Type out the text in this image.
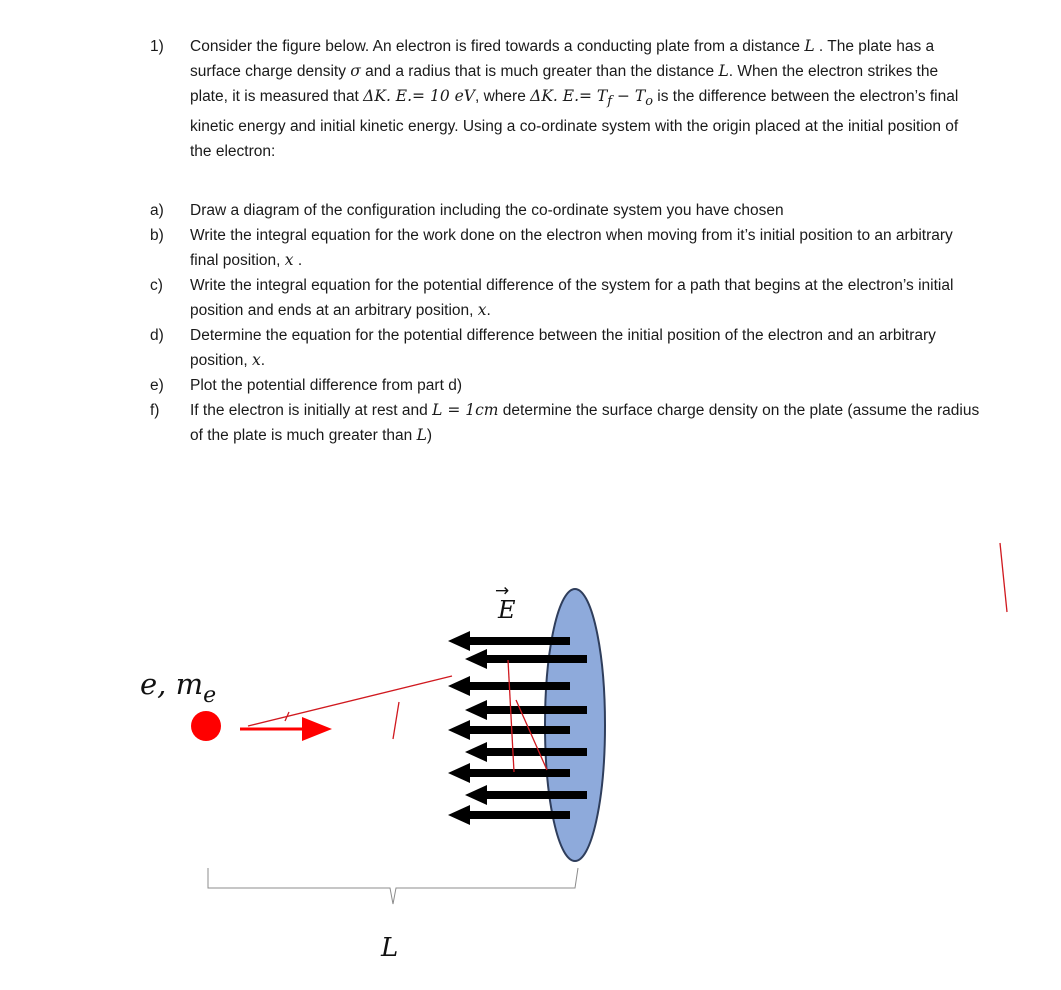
1)	Consider the figure below. An electron is fired towards a conducting plate from a distance L . The plate has a surface charge density σ and a radius that is much greater than the distance L. When the electron strikes the plate, it is measured that ΔK. E.= 10 eV, where ΔK. $E.= T_f - T_o$ is the difference between the electron’s final kinetic energy and initial kinetic energy. Using a co-ordinate system with the origin placed at the initial position of the electron:
a)	Draw a diagram of the configuration including the co-ordinate system you have chosen
b)	Write the integral equation for the work done on the electron when moving from it’s initial position to an arbitrary final position, x .
c)	Write the integral equation for the potential difference of the system for a path that begins at the electron’s initial position and ends at an arbitrary position, x.
d)	Determine the equation for the potential difference between the initial position of the electron and an arbitrary position, x.
e)	Plot the potential difference from part d)
f)	If the electron is initially at rest and L = 1cm determine the surface charge density on the plate (assume the radius of the plate is much greater than L)
e, $m_e$
E
→
L
